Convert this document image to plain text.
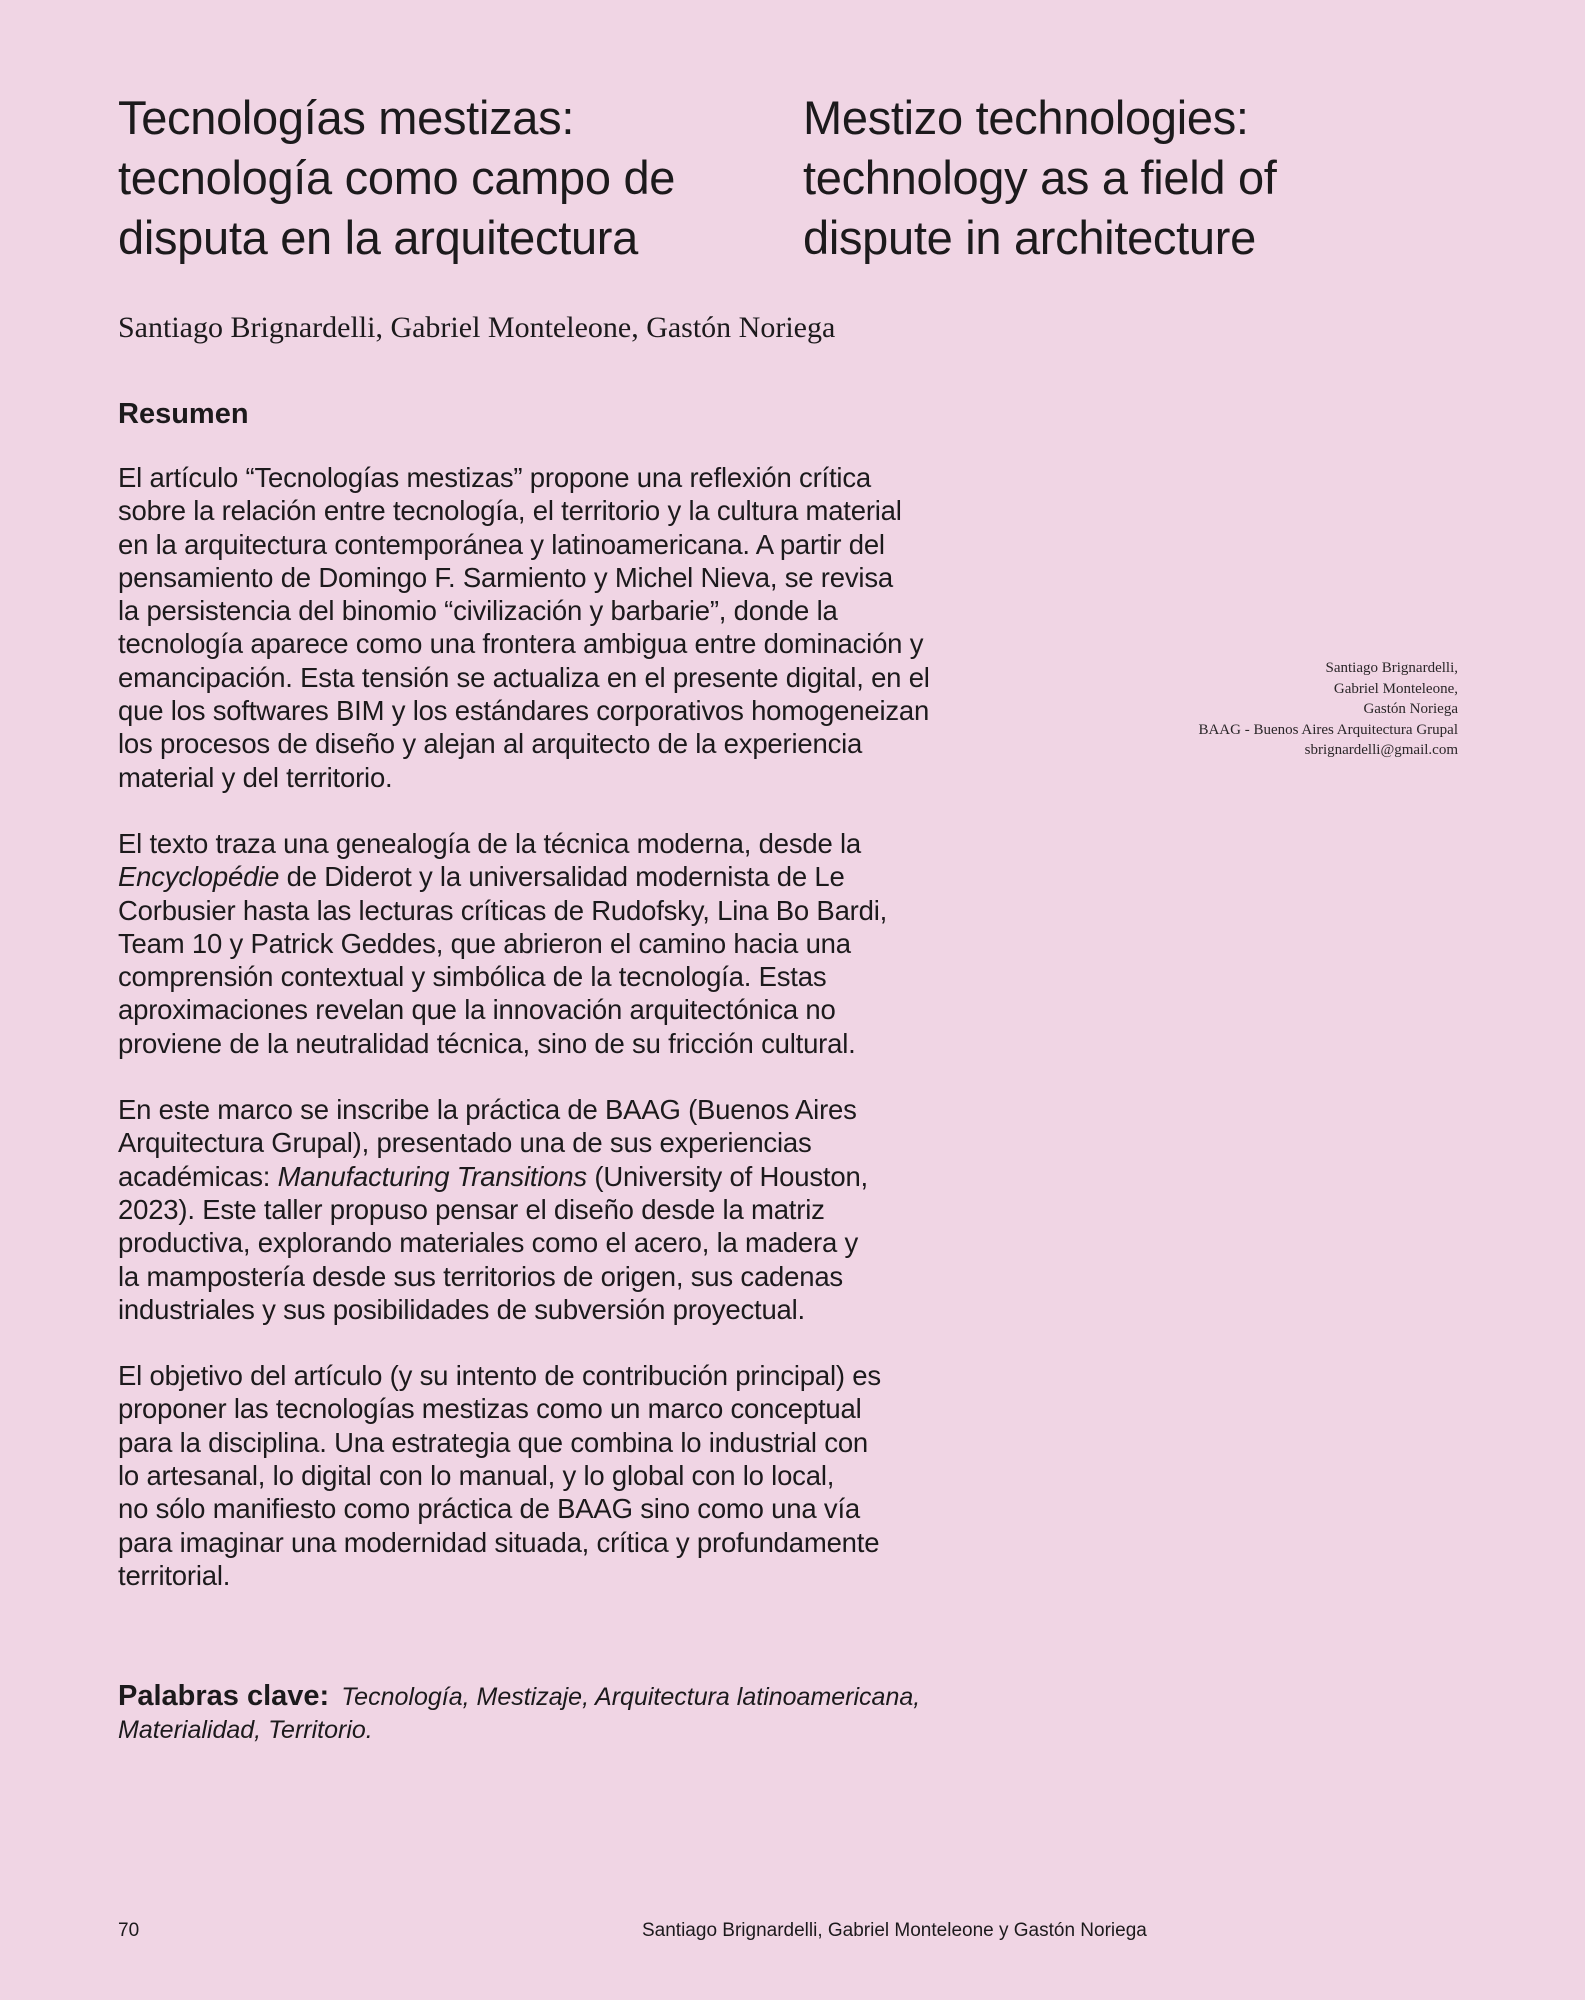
Tecnologías mestizas:
tecnología como campo de
disputa en la arquitectura
Mestizo technologies:
technology as a field of
dispute in architecture
Santiago Brignardelli, Gabriel Monteleone, Gastón Noriega
Resumen

El artículo “Tecnologías mestizas” propone una reflexión crítica
sobre la relación entre tecnología, el territorio y la cultura material
en la arquitectura contemporánea y latinoamericana. A partir del
pensamiento de Domingo F. Sarmiento y Michel Nieva, se revisa
la persistencia del binomio “civilización y barbarie”, donde la
tecnología aparece como una frontera ambigua entre dominación y
emancipación. Esta tensión se actualiza en el presente digital, en el
que los softwares BIM y los estándares corporativos homogeneizan
los procesos de diseño y alejan al arquitecto de la experiencia
material y del territorio.

El texto traza una genealogía de la técnica moderna, desde la
Encyclopédie de Diderot y la universalidad modernista de Le
Corbusier hasta las lecturas críticas de Rudofsky, Lina Bo Bardi,
Team 10 y Patrick Geddes, que abrieron el camino hacia una
comprensión contextual y simbólica de la tecnología. Estas
aproximaciones revelan que la innovación arquitectónica no
proviene de la neutralidad técnica, sino de su fricción cultural.

En este marco se inscribe la práctica de BAAG (Buenos Aires
Arquitectura Grupal), presentado una de sus experiencias
académicas: Manufacturing Transitions (University of Houston,
2023). Este taller propuso pensar el diseño desde la matriz
productiva, explorando materiales como el acero, la madera y
la mampostería desde sus territorios de origen, sus cadenas
industriales y sus posibilidades de subversión proyectual.

El objetivo del artículo (y su intento de contribución principal) es
proponer las tecnologías mestizas como un marco conceptual
para la disciplina. Una estrategia que combina lo industrial con
lo artesanal, lo digital con lo manual, y lo global con lo local,
no sólo manifiesto como práctica de BAAG sino como una vía
para imaginar una modernidad situada, crítica y profundamente
territorial.

Santiago Brignardelli,
Gabriel Monteleone,
Gastón Noriega
BAAG - Buenos Aires Arquitectura Grupal
sbrignardelli@gmail.com
Palabras clave: Tecnología, Mestizaje, Arquitectura latinoamericana,
Materialidad, Territorio.
70	Santiago Brignardelli, Gabriel Monteleone y Gastón Noriega
